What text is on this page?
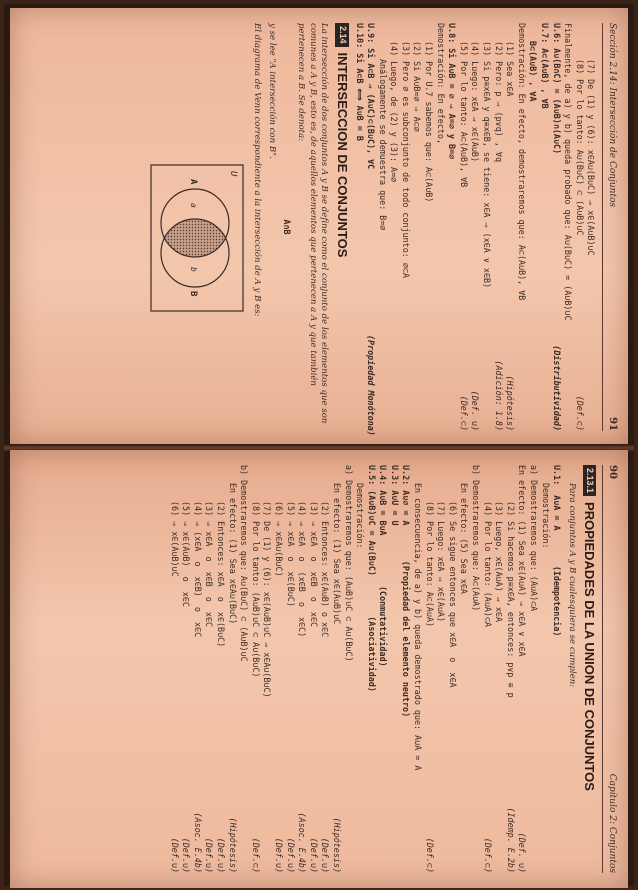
Sección 2.14: Intersección de Conjuntos
91
(7) De (1) y (6): x∈A∪(B∪C) ⇒ x∈(A∪B)∪C
(8) Por lo tanto: A∪(B∪C) ⊂ (A∪B)∪C
(Def.⊂)
Finalmente, de a) y b) queda probado que: A∪(B∪C) = (A∪B)∪C
U.6: A∪(B∩C) = (A∪B)∩(A∪C)
(Distributividad)
U.7: A⊂(A∪B) , ∀B
B⊂(A∪B) , ∀A
Demostración: En efecto, demostraremos que: A⊂(A∪B), ∀B
(1) Sea x∈A
(Hipótesis)
(2) Pero: p ⇒ (p∨q) , ∀q
(Adición: 1.8)
(3) Si p≡x∈A y q≡x∈B, se tiene: x∈A ⇒ (x∈A ∨ x∈B)
(4) Luego: x∈A ⇒ x∈(A∪B)
(Def. ∪)
(5) Por lo tanto: A⊂(A∪B), ∀B
(Def.⊂)
U.8: Si A∪B = ∅ ⇒ A=∅ y B=∅
Demostración: En efecto,
(1) Por U.7 sabemos que: A⊂(A∪B)
(2) Si A∪B=∅ ⇒ A⊂∅
(3) Pero ∅ es subconjunto de todo conjunto: ∅⊂A
(4) Luego, de (2) y (3): A=∅
Análogamente se demuestra que: B=∅
U.9: Si A⊂B ⇒ (A∪C)⊂(B∪C), ∀C
(Propiedad Monótona)
U.10: Si A⊂B ⟺ A∪B = B
2.14
INTERSECCION DE CONJUNTOS
La intersección de dos conjuntos A y B se define como el conjunto de los elementos que son comunes a A y B, esto es, de aquellos elementos que pertenecen a A y que también pertenecen a B. Se denota:
A∩B
y se lee "A intersección con B".
El diagrama de Venn correspondiente a la intersección de A y B es:
U
A
B
a
b
90
Capítulo 2: Conjuntos
2.13.1
PROPIEDADES DE LA UNION DE CONJUNTOS
Para conjuntos A y B cualesquiera se cumplen:
U.1:  A∪A = A       (Idempotencia)
Demostración:
a) Demostraremos que: (A∪A)⊂A
En efecto: (1) Sea x∈(A∪A) ⇒ x∈A ∨ x∈A
(Def. ∪)
(2) Si hacemos p≡x∈A, entonces: p∨p ≡ p
(Idemp. E.2b)
(3) Luego, x∈(A∪A) ⇒ x∈A
(4) Por lo tanto: (A∪A)⊂A
(Def.⊂)
b) Demostraremos que: A⊂(A∪A)
En efecto: (5) Sea x∈A
(6) Se sigue entonces que x∈A  o  x∈A
(7) Luego: x∈A ⇒ x∈(A∪A)
(8) Por lo tanto: A⊂(A∪A)
(Def.⊂)
En consecuencia, de a) y b) queda demostrado que: A∪A = A
U.2: A∪∅ = A       (Propiedad del elemento neutro)
U.3: A∪U = U
U.4: A∪B = B∪A          (Conmutatividad)
U.5: (A∪B)∪C = A∪(B∪C)        (Asociatividad)
Demostración:
a) Demostraremos que: (A∪B)∪C ⊂ A∪(B∪C)
En efecto: (1) Sea x∈(A∪B)∪C
(Hipótesis)
(2) Entonces: x∈(A∪B) o x∈C
(Def.∪)
(3) ⇒ x∈A  o  x∈B  o  x∈C
(Def.∪)
(4) ⇒ x∈A  o  (x∈B  o  x∈C)
(Asoc. E.4b)
(5) ⇒ x∈A  o  x∈(B∪C)
(Def.∪)
(6) ⇒ x∈A∪(B∪C)
(Def.∪)
(7) De (1) y (6): x∈(A∪B)∪C ⇒ x∈A∪(B∪C)
(8) Por lo tanto: (A∪B)∪C ⊂ A∪(B∪C)
(Def.⊂)
b) Demostraremos que: A∪(B∪C) ⊂ (A∪B)∪C
En efecto: (1) Sea x∈A∪(B∪C)
(Hipótesis)
(2) Entonces: x∈A  o  x∈(B∪C)
(Def.∪)
(3) ⇒ x∈A  o  x∈B  o  x∈C
(Def.∪)
(4) ⇒ (x∈A  o  x∈B)  o  x∈C
(Asoc. E.4b)
(5) ⇒ x∈(A∪B)  o  x∈C
(Def.∪)
(6) ⇒ x∈(A∪B)∪C
(Def.∪)
